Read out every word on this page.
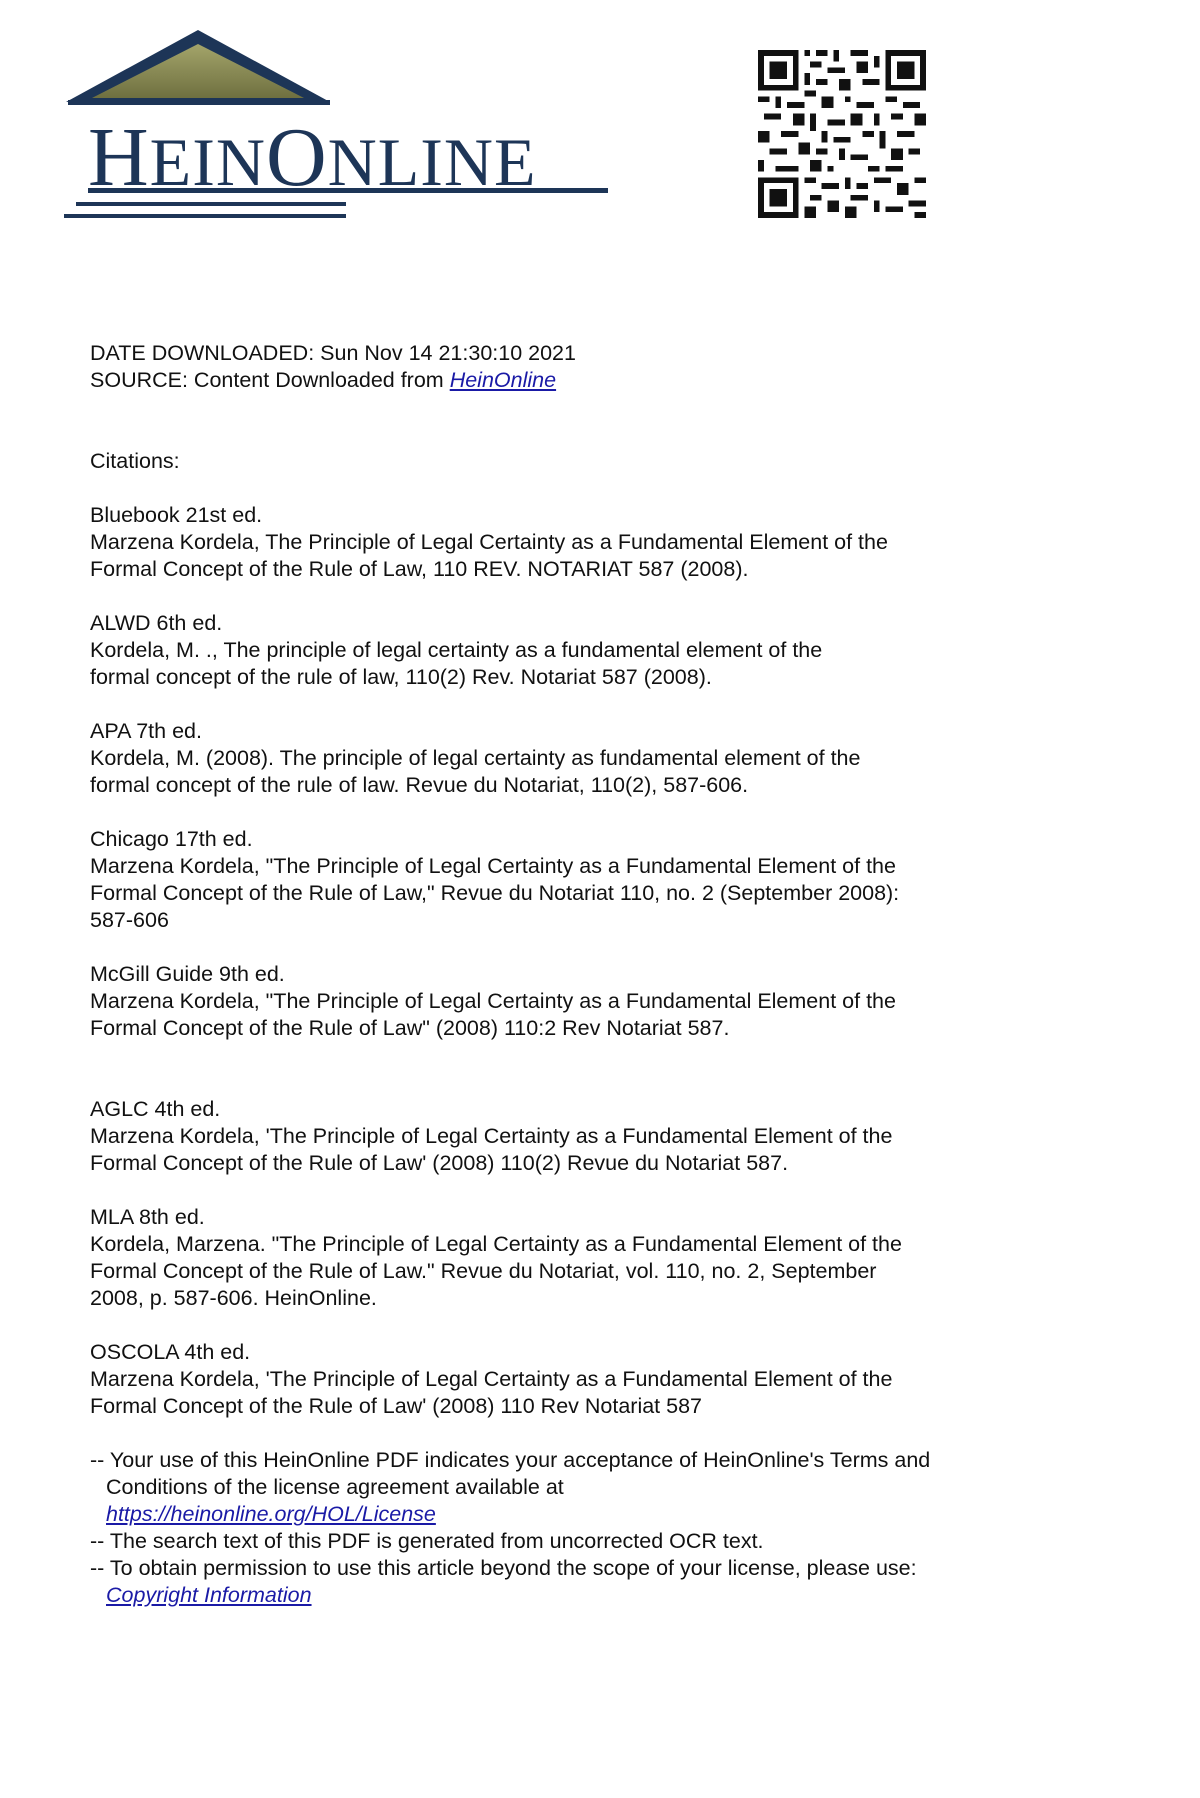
HEINONLINE
DATE DOWNLOADED: Sun Nov 14 21:30:10 2021
SOURCE: Content Downloaded from HeinOnline
Citations:
Bluebook 21st ed.
Marzena Kordela, The Principle of Legal Certainty as a Fundamental Element of the
Formal Concept of the Rule of Law, 110 REV. NOTARIAT 587 (2008).
ALWD 6th ed.
Kordela, M. ., The principle of legal certainty as a fundamental element of the
formal concept of the rule of law, 110(2) Rev. Notariat 587 (2008).
APA 7th ed.
Kordela, M. (2008). The principle of legal certainty as fundamental element of the
formal concept of the rule of law. Revue du Notariat, 110(2), 587-606.
Chicago 17th ed.
Marzena Kordela, "The Principle of Legal Certainty as a Fundamental Element of the
Formal Concept of the Rule of Law," Revue du Notariat 110, no. 2 (September 2008):
587-606
McGill Guide 9th ed.
Marzena Kordela, "The Principle of Legal Certainty as a Fundamental Element of the
Formal Concept of the Rule of Law" (2008) 110:2 Rev Notariat 587.
AGLC 4th ed.
Marzena Kordela, 'The Principle of Legal Certainty as a Fundamental Element of the
Formal Concept of the Rule of Law' (2008) 110(2) Revue du Notariat 587.
MLA 8th ed.
Kordela, Marzena. "The Principle of Legal Certainty as a Fundamental Element of the
Formal Concept of the Rule of Law." Revue du Notariat, vol. 110, no. 2, September
2008, p. 587-606. HeinOnline.
OSCOLA 4th ed.
Marzena Kordela, 'The Principle of Legal Certainty as a Fundamental Element of the
Formal Concept of the Rule of Law' (2008) 110 Rev Notariat 587
-- Your use of this HeinOnline PDF indicates your acceptance of HeinOnline's Terms and
Conditions of the license agreement available at
https://heinonline.org/HOL/License
-- The search text of this PDF is generated from uncorrected OCR text.
-- To obtain permission to use this article beyond the scope of your license, please use:
Copyright Information
